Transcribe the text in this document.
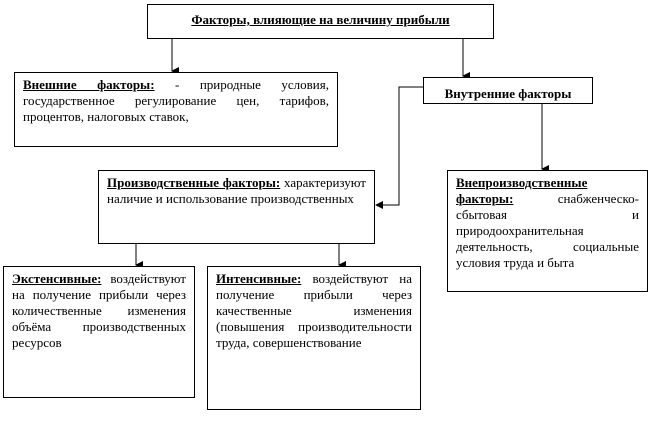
Факторы, влияющие на величину прибыли
Внешние факторы: - природные условия, государственное регулирование цен, тарифов, процентов, налоговых ставок,
Внутренние факторы
Производственные факторы: характеризуют наличие и использование производственных
Внепроизводственные факторы: снабженческо-сбытовая и природоохранительная деятельность, социальные условия труда и быта
Экстенсивные: воздействуют на получение прибыли через количественные изменения объёма производственных ресурсов
Интенсивные: воздействуют на получение прибыли через качественные изменения (повышения производительности труда, совершенствование
